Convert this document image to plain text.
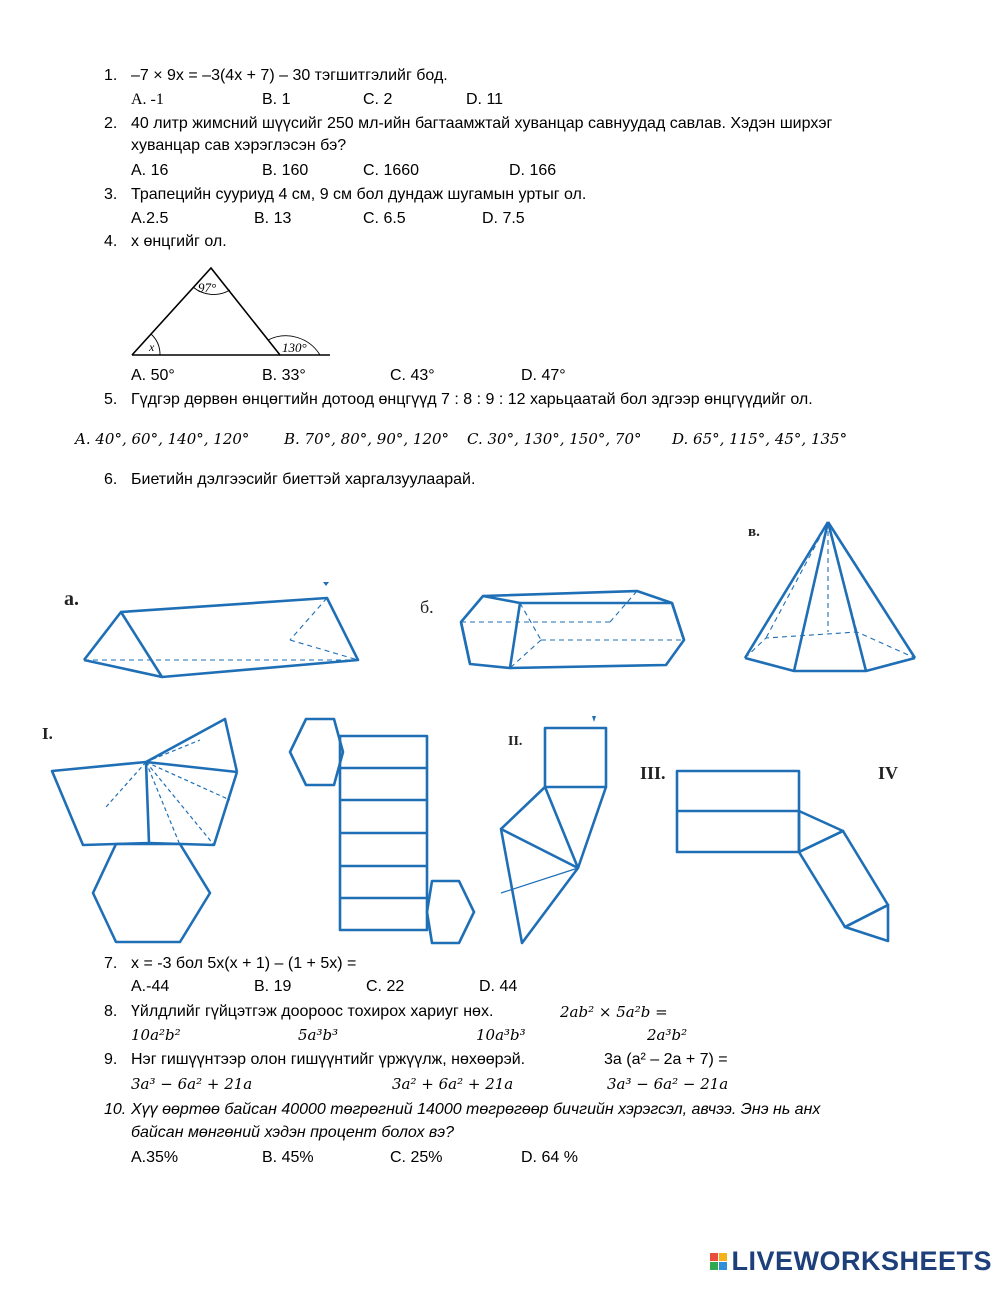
1. –7 × 9x = –3(4x + 7) – 30 тэгшитгэлийг бод.
A. -1	B. 1	C. 2	D. 11
2. 40 литр жимсний шүүсийг 250 мл-ийн багтаамжтай хуванцар савнуудад савлав. Хэдэн ширхэг
хуванцар сав хэрэглэсэн бэ?
A. 16	B. 160	C. 1660	D. 166
3. Трапецийн сууриуд 4 см, 9 см бол дундаж шугамын уртыг ол.
A.2.5	B. 13	C. 6.5	D. 7.5
4. x өнцгийг ол.
97°
130°
x
A. 50°	B. 33°	C. 43°	D. 47°
5. Гүдгэр дөрвөн өнцөгтийн дотоод өнцгүүд 7 : 8 : 9 : 12 харьцаатай бол эдгээр өнцгүүдийг ол.
A. 40°, 60°, 140°, 120° B. 70°, 80°, 90°, 120° C. 30°, 130°, 150°, 70° D. 65°, 115°, 45°, 135°
6. Биетийн дэлгээсийг биеттэй харгалзуулаарай.
а.	б.
в.
I.	II.
III.	IV
7. x = -3 бол 5x(x + 1) – (1 + 5x) =
A.-44	B. 19	C. 22	D. 44
8. Үйлдлийг гүйцэтгэж доороос тохирох хариуг нөх.	2ab² × 5a²b =
10a²b²	5a³b³	10a³b³	2a³b²
9. Нэг гишүүнтээр олон гишүүнтийг үржүүлж, нөхөөрэй.	3a (a² – 2a + 7) =
3a³ − 6a² + 21a	3a² + 6a² + 21a	3a³ − 6a² − 21a
10. Хүү өөртөө байсан 40000 төгрөгний 14000 төгрөгөөр бичгийн хэрэгсэл, авчээ. Энэ нь анх
байсан мөнгөний хэдэн процент болох вэ?
A.35%	B. 45%	C. 25%	D. 64 %
LIVEWORKSHEETS
